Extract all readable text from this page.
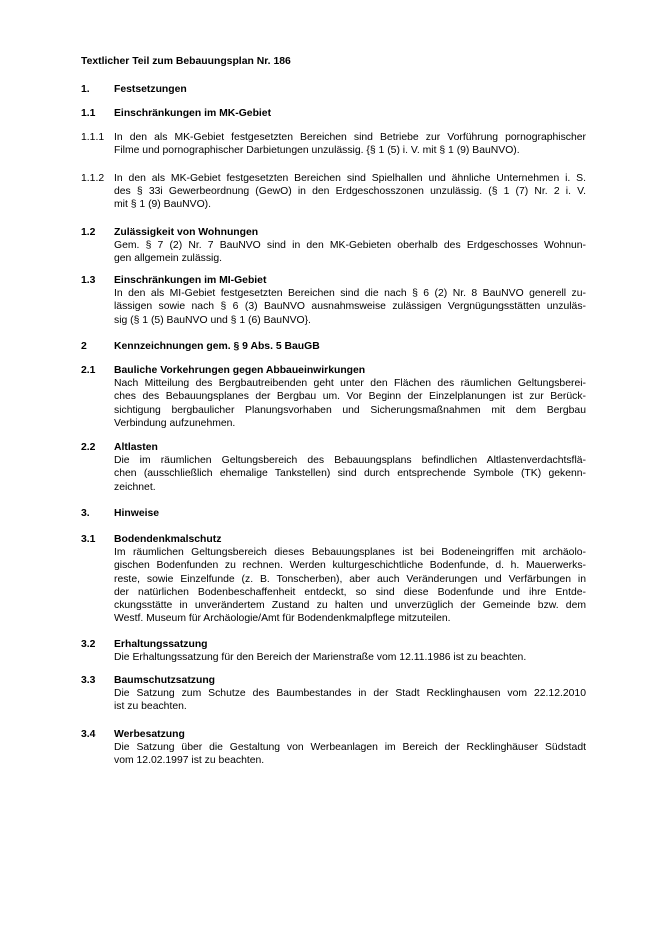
Textlicher Teil zum Bebauungsplan Nr. 186
1. Festsetzungen
1.1 Einschränkungen im MK-Gebiet
1.1.1 In den als MK-Gebiet festgesetzten Bereichen sind Betriebe zur Vorführung pornographischer
Filme und pornographischer Darbietungen unzulässig. {§ 1 (5) i. V. mit § 1 (9) BauNVO).
1.1.2 In den als MK-Gebiet festgesetzten Bereichen sind Spielhallen und ähnliche Unternehmen i. S.
des § 33i Gewerbeordnung (GewO) in den Erdgeschosszonen unzulässig. (§ 1 (7) Nr. 2 i. V.
mit § 1 (9) BauNVO).
1.2 Zulässigkeit von Wohnungen
Gem. § 7 (2) Nr. 7 BauNVO sind in den MK-Gebieten oberhalb des Erdgeschosses Wohnun-
gen allgemein zulässig.
1.3 Einschränkungen im MI-Gebiet
In den als MI-Gebiet festgesetzten Bereichen sind die nach § 6 (2) Nr. 8 BauNVO generell zu-
lässigen sowie nach § 6 (3) BauNVO ausnahmsweise zulässigen Vergnügungsstätten unzuläs-
sig (§ 1 (5) BauNVO und § 1 (6) BauNVO}.
2	Kennzeichnungen gem. § 9 Abs. 5 BauGB
2.1 Bauliche Vorkehrungen gegen Abbaueinwirkungen
Nach Mitteilung des Bergbautreibenden geht unter den Flächen des räumlichen Geltungsberei-
ches des Bebauungsplanes der Bergbau um. Vor Beginn der Einzelplanungen ist zur Berück-
sichtigung bergbaulicher Planungsvorhaben und Sicherungsmaßnahmen mit dem Bergbau
Verbindung aufzunehmen.
2.2 Altlasten
Die im räumlichen Geltungsbereich des Bebauungsplans befindlichen Altlastenverdachtsflä-
chen (ausschließlich ehemalige Tankstellen) sind durch entsprechende Symbole (TK) gekenn-
zeichnet.
3. Hinweise
3.1 Bodendenkmalschutz
Im räumlichen Geltungsbereich dieses Bebauungsplanes ist bei Bodeneingriffen mit archäolo-
gischen Bodenfunden zu rechnen. Werden kulturgeschichtliche Bodenfunde, d. h. Mauerwerks-
reste, sowie Einzelfunde (z. B. Tonscherben), aber auch Veränderungen und Verfärbungen in
der natürlichen Bodenbeschaffenheit entdeckt, so sind diese Bodenfunde und ihre Entde-
ckungsstätte in unverändertem Zustand zu halten und unverzüglich der Gemeinde bzw. dem
Westf. Museum für Archäologie/Amt für Bodendenkmalpflege mitzuteilen.
3.2 Erhaltungssatzung
Die Erhaltungssatzung für den Bereich der Marienstraße vom 12.11.1986 ist zu beachten.
3.3 Baumschutzsatzung
Die Satzung zum Schutze des Baumbestandes in der Stadt Recklinghausen vom 22.12.2010
ist zu beachten.
3.4 Werbesatzung
Die Satzung über die Gestaltung von Werbeanlagen im Bereich der Recklinghäuser Südstadt
vom 12.02.1997 ist zu beachten.
